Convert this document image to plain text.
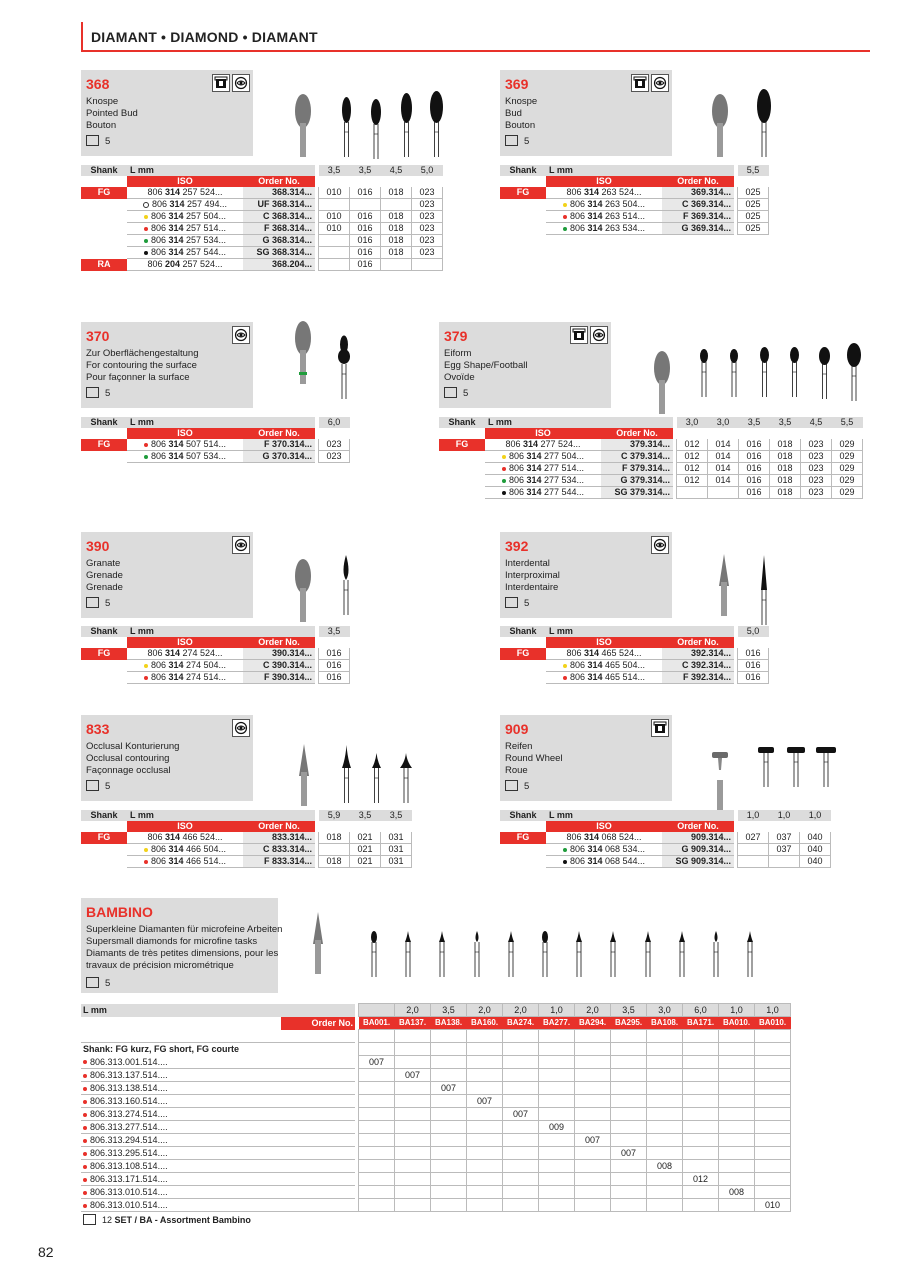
DIAMANT • DIAMOND • DIAMANT
368
Knospe
Pointed Bud
Bouton
5
Shank	L mm			3,5	3,5	4,5	5,0
	ISO	Order No.					
FG	806 314 257 524...	368.314...		010	016	018	023
	806 314 257 494...	UF 368.314...					023
	806 314 257 504...	C 368.314...		010	016	018	023
	806 314 257 514...	F 368.314...		010	016	018	023
	806 314 257 534...	G 368.314...			016	018	023
	806 314 257 544...	SG 368.314...			016	018	023
RA	806 204 257 524...	368.204...			016		
369
Knospe
Bud
Bouton
5
Shank	L mm			5,5
	ISO	Order No.		
FG	806 314 263 524...	369.314...		025
	806 314 263 504...	C 369.314...		025
	806 314 263 514...	F 369.314...		025
	806 314 263 534...	G 369.314...		025
370
Zur Oberflächengestaltung
For contouring the surface
Pour façonner la surface
5
Shank	L mm			6,0
	ISO	Order No.		
FG	806 314 507 514...	F 370.314...		023
	806 314 507 534...	G 370.314...		023
379
Eiform
Egg Shape/Football
Ovoïde
5
Shank	L mm			3,0	3,0	3,5	3,5	4,5	5,5
	ISO	Order No.							
FG	806 314 277 524...	379.314...		012	014	016	018	023	029
	806 314 277 504...	C 379.314...		012	014	016	018	023	029
	806 314 277 514...	F 379.314...		012	014	016	018	023	029
	806 314 277 534...	G 379.314...		012	014	016	018	023	029
	806 314 277 544...	SG 379.314...				016	018	023	029
390
Granate
Grenade
Grenade
5
Shank	L mm			3,5
	ISO	Order No.		
FG	806 314 274 524...	390.314...		016
	806 314 274 504...	C 390.314...		016
	806 314 274 514...	F 390.314...		016
392
Interdental
Interproximal
Interdentaire
5
Shank	L mm			5,0
	ISO	Order No.		
FG	806 314 465 524...	392.314...		016
	806 314 465 504...	C 392.314...		016
	806 314 465 514...	F 392.314...		016
833
Occlusal Konturierung
Occlusal contouring
Façonnage occlusal
5
Shank	L mm			5,9	3,5	3,5
	ISO	Order No.				
FG	806 314 466 524...	833.314...		018	021	031
	806 314 466 504...	C 833.314...			021	031
	806 314 466 514...	F 833.314...		018	021	031
909
Reifen
Round Wheel
Roue
5
Shank	L mm			1,0	1,0	1,0
	ISO	Order No.				
FG	806 314 068 524...	909.314...		027	037	040
	806 314 068 534...	G 909.314...			037	040
	806 314 068 544...	SG 909.314...				040
BAMBINO
Superkleine Diamanten für microfeine Arbeiten
Supersmall diamonds for microfine tasks
Diamants de très petites dimensions, pour les
travaux de précision micrométrique
5
L mm				2,0	3,5	2,0	2,0	1,0	2,0	3,5	3,0	6,0	1,0	1,0
	Order No.		BA001.	BA137.	BA138.	BA160.	BA274.	BA277.	BA294.	BA295.	BA108.	BA171.	BA010.	BA010.

Shank: FG kurz, FG short, FG courte														
806.313.001.514....			007											
806.313.137.514....				007										
806.313.138.514....					007									
806.313.160.514....						007								
806.313.274.514....							007							
806.313.277.514....								009						
806.313.294.514....									007					
806.313.295.514....										007				
806.313.108.514....											008			
806.313.171.514....												012		
806.313.010.514....													008	
806.313.010.514....														010
12 SET / BA - Assortment Bambino														
82
